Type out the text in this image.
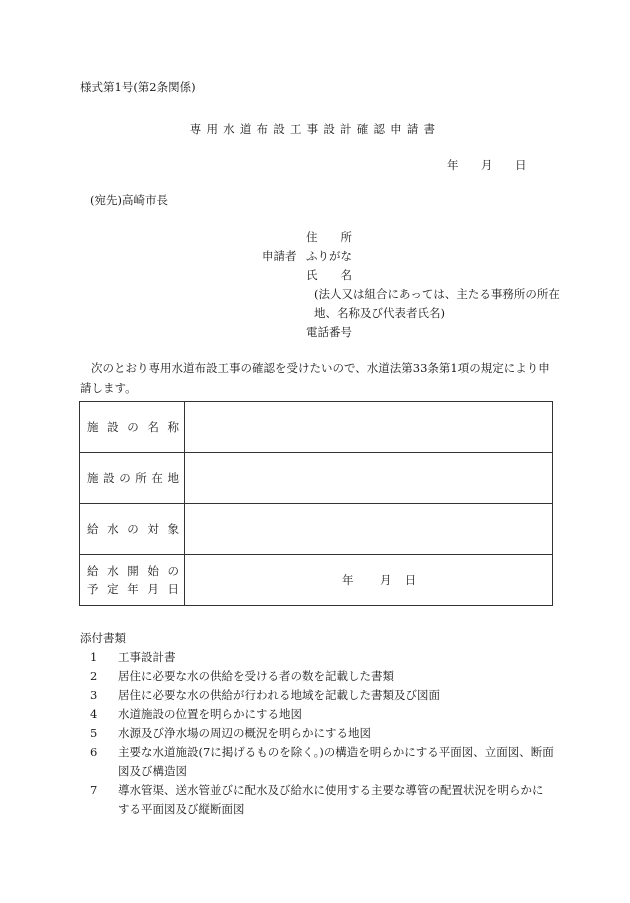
様式第1号(第2条関係)
専用水道布設工事設計確認申請書
年 月 日
(宛先)高崎市長
住　　所
申請者 ふりがな
氏　　名
(法人又は組合にあっては、主たる事務所の所在地、名称及び代表者氏名)
電話番号
次のとおり専用水道布設工事の確認を受けたいので、水道法第33条第1項の規定により申請します。
施設の名称	
施設の所在地	
給水の対象	

給水開始の
予定年月日	年 月 日
添付書類
1	工事設計書
2	居住に必要な水の供給を受ける者の数を記載した書類
3	居住に必要な水の供給が行われる地域を記載した書類及び図面
4	水道施設の位置を明らかにする地図
5	水源及び浄水場の周辺の概況を明らかにする地図
6	主要な水道施設(7に掲げるものを除く。)の構造を明らかにする平面図、立面図、断面図及び構造図
7	導水管渠、送水管並びに配水及び給水に使用する主要な導管の配置状況を明らかにする平面図及び縦断面図
